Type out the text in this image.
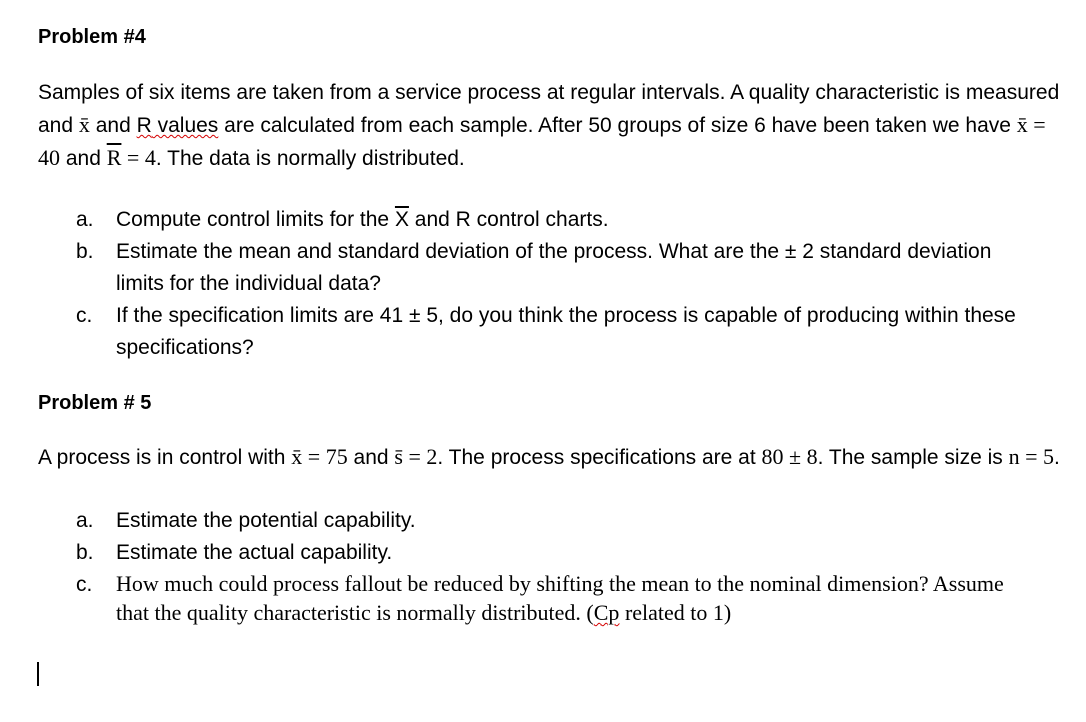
Problem #4
Samples of six items are taken from a service process at regular intervals. A quality characteristic is measured and x̄ and R values are calculated from each sample. After 50 groups of size 6 have been taken we have x̄ = 40 and $\overline{R} = 4$. The data is normally distributed.
a.	Compute control limits for the $\overline{X}$ and R control charts.
b.	Estimate the mean and standard deviation of the process. What are the ± 2 standard deviation limits for the individual data?
c.	If the specification limits are 41 ± 5, do you think the process is capable of producing within these specifications?
Problem # 5
A process is in control with x̄ = 75 and s̄ = 2. The process specifications are at 80 ± 8. The sample size is n = 5.
a.	Estimate the potential capability.
b.	Estimate the actual capability.
c.	How much could process fallout be reduced by shifting the mean to the nominal dimension? Assume that the quality characteristic is normally distributed. (Cp related to 1)
